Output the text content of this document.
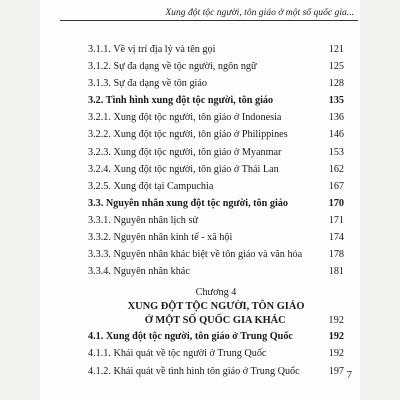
Xung đột tộc người, tôn giáo ở một số quốc gia...
3.1.1. Về vị trí địa lý và tên gọi	121
3.1.2. Sự đa dạng về tộc người, ngôn ngữ	125
3.1.3. Sự đa dạng về tôn giáo	128
3.2. Tình hình xung đột tộc người, tôn giáo	135
3.2.1. Xung đột tộc người, tôn giáo ở Indonesia	136
3.2.2. Xung đột tộc người, tôn giáo ở Philippines	146
3.2.3. Xung đột tộc người, tôn giáo ở Myanmar	153
3.2.4. Xung đột tộc người, tôn giáo ở Thái Lan	162
3.2.5. Xung đột tại Campuchia	167
3.3. Nguyên nhân xung đột tộc người, tôn giáo	170
3.3.1. Nguyên nhân lịch sử	171
3.3.2. Nguyên nhân kinh tế - xã hội	174
3.3.3. Nguyên nhân khác biệt về tôn giáo và văn hóa	178
3.3.4. Nguyên nhân khác	181
Chương 4
XUNG ĐỘT TỘC NGƯỜI, TÔN GIÁO
Ở MỘT SỐ QUỐC GIA KHÁC	192
4.1. Xung đột tộc người, tôn giáo ở Trung Quốc	192
4.1.1. Khái quát về tộc người ở Trung Quốc	192
4.1.2. Khái quát về tình hình tôn giáo ở Trung Quốc	197 7
